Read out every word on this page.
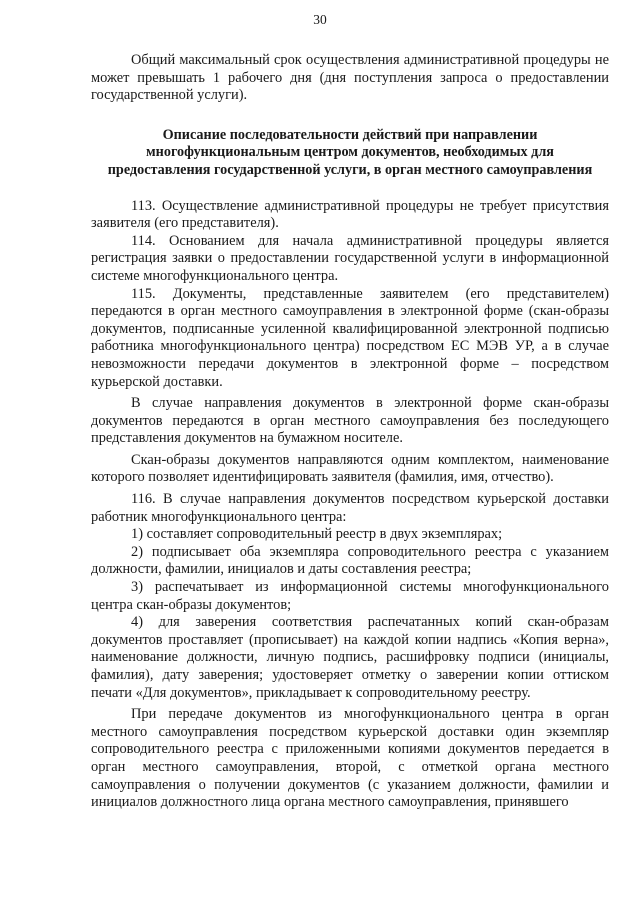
30

Общий максимальный срок осуществления административной процедуры не может превышать 1 рабочего дня (дня поступления запроса о предоставлении государственной услуги).

Описание последовательности действий при направлении
многофункциональным центром документов, необходимых для
предоставления государственной услуги, в орган местного самоуправления

113. Осуществление административной процедуры не требует присутствия заявителя (его представителя).

114. Основанием для начала административной процедуры является регистрация заявки о предоставлении государственной услуги в информационной системе многофункционального центра.

115. Документы, представленные заявителем (его представителем) передаются в орган местного самоуправления в электронной форме (скан-образы документов, подписанные усиленной квалифицированной электронной подписью работника многофункционального центра) посредством ЕС МЭВ УР, а в случае невозможности передачи документов в электронной форме – посредством курьерской доставки.

В случае направления документов в электронной форме скан-образы документов передаются в орган местного самоуправления без последующего представления документов на бумажном носителе.

Скан-образы документов направляются одним комплектом, наименование которого позволяет идентифицировать заявителя (фамилия, имя, отчество).

116. В случае направления документов посредством курьерской доставки работник многофункционального центра:

1) составляет сопроводительный реестр в двух экземплярах;

2) подписывает оба экземпляра сопроводительного реестра с указанием должности, фамилии, инициалов и даты составления реестра;

3) распечатывает из информационной системы многофункционального центра скан-образы документов;

4) для заверения соответствия распечатанных копий скан-образам документов проставляет (прописывает) на каждой копии надпись «Копия верна», наименование должности, личную подпись, расшифровку подписи (инициалы, фамилия), дату заверения; удостоверяет отметку о заверении копии оттиском печати «Для документов», прикладывает к сопроводительному реестру.

При передаче документов из многофункционального центра в орган местного самоуправления посредством курьерской доставки один экземпляр сопроводительного реестра с приложенными копиями документов передается в орган местного самоуправления, второй, с отметкой органа местного самоуправления о получении документов (с указанием должности, фамилии и инициалов должностного лица органа местного самоуправления, принявшего
